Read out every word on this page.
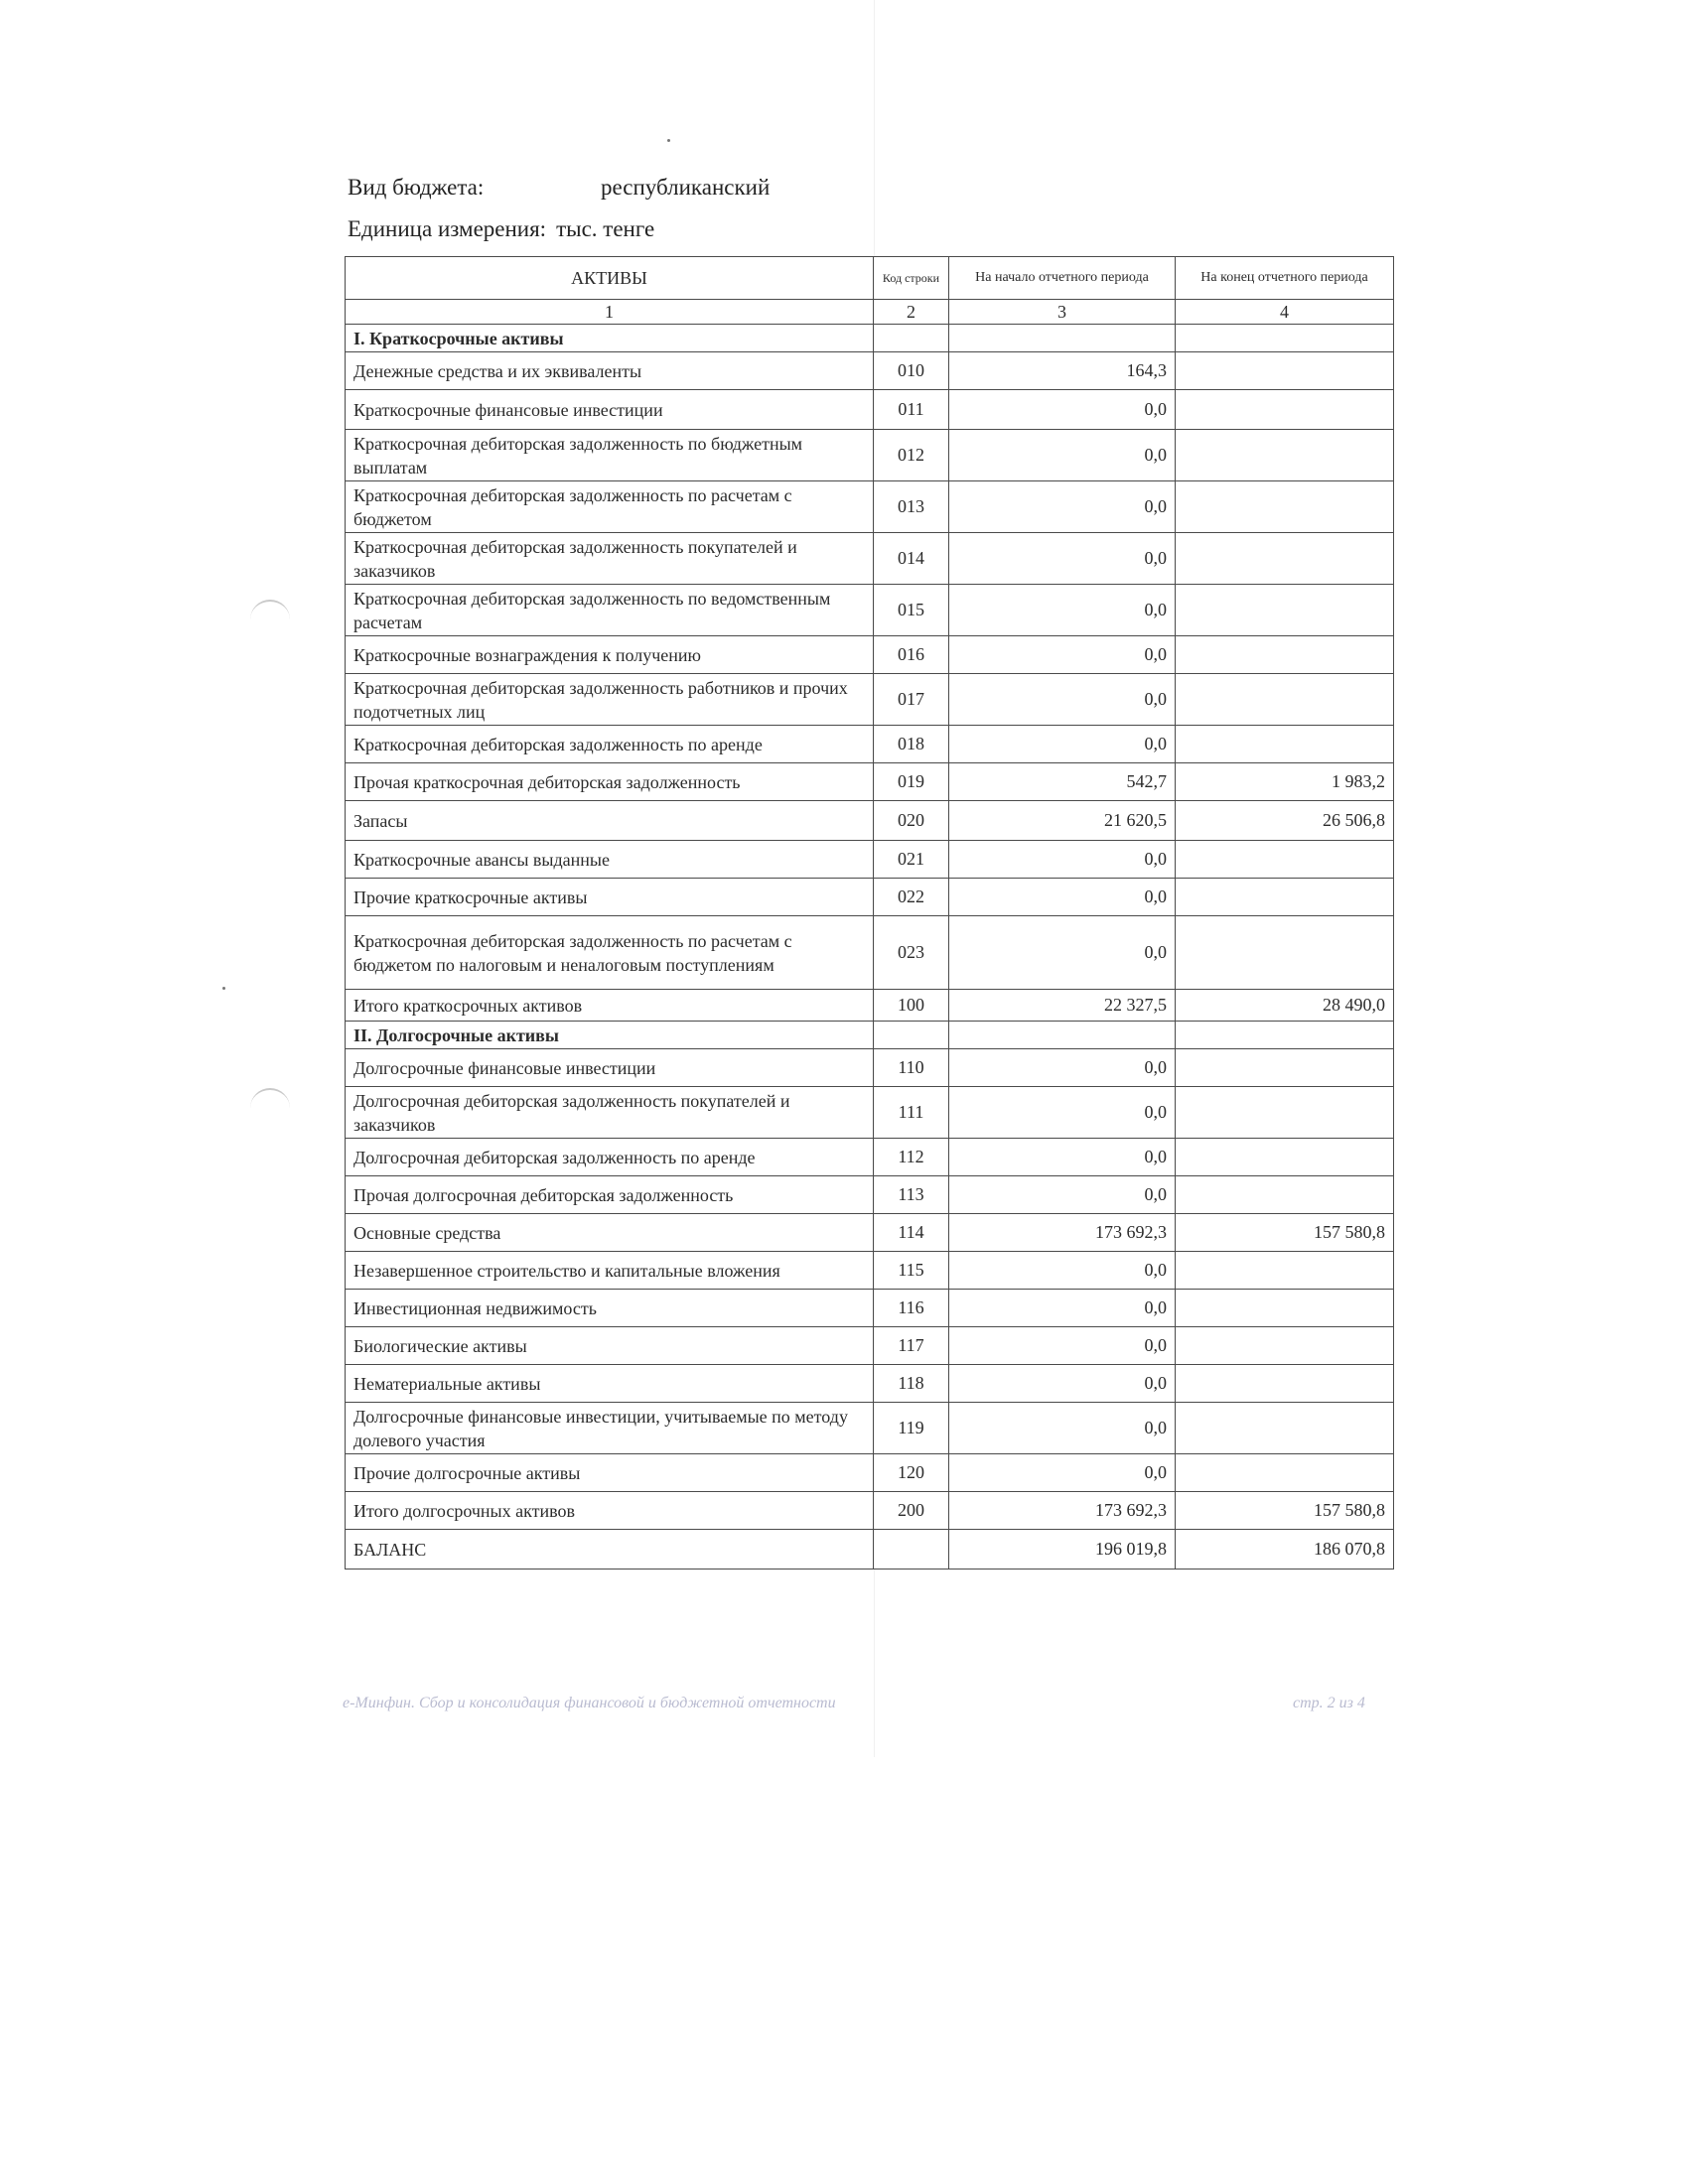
Вид бюджета:	республиканский
Единица измерения: тыс. тенге
АКТИВЫ	Код строки	На начало отчетного периода	На конец отчетного периода
1	2	3	4
I. Краткосрочные активы			
Денежные средства и их эквиваленты	010	164,3	
Краткосрочные финансовые инвестиции	011	0,0	
Краткосрочная дебиторская задолженность по бюджетным выплатам	012	0,0	
Краткосрочная дебиторская задолженность по расчетам с бюджетом	013	0,0	
Краткосрочная дебиторская задолженность покупателей и заказчиков	014	0,0	
Краткосрочная дебиторская задолженность по ведомственным расчетам	015	0,0	
Краткосрочные вознаграждения к получению	016	0,0	
Краткосрочная дебиторская задолженность работников и прочих подотчетных лиц	017	0,0	
Краткосрочная дебиторская задолженность по аренде	018	0,0	
Прочая краткосрочная дебиторская задолженность	019	542,7	1 983,2
Запасы	020	21 620,5	26 506,8
Краткосрочные авансы выданные	021	0,0	
Прочие краткосрочные активы	022	0,0	
Краткосрочная дебиторская задолженность по расчетам с бюджетом по налоговым и неналоговым поступлениям	023	0,0	
Итого краткосрочных активов	100	22 327,5	28 490,0
II. Долгосрочные активы			
Долгосрочные финансовые инвестиции	110	0,0	
Долгосрочная дебиторская задолженность покупателей и заказчиков	111	0,0	
Долгосрочная дебиторская задолженность по аренде	112	0,0	
Прочая долгосрочная дебиторская задолженность	113	0,0	
Основные средства	114	173 692,3	157 580,8
Незавершенное строительство и капитальные вложения	115	0,0	
Инвестиционная недвижимость	116	0,0	
Биологические активы	117	0,0	
Нематериальные активы	118	0,0	
Долгосрочные финансовые инвестиции, учитываемые по методу долевого участия	119	0,0	
Прочие долгосрочные активы	120	0,0	
Итого долгосрочных активов	200	173 692,3	157 580,8
БАЛАНС		196 019,8	186 070,8
е-Минфин. Сбор и консолидация финансовой и бюджетной отчетности	стр. 2 из 4
